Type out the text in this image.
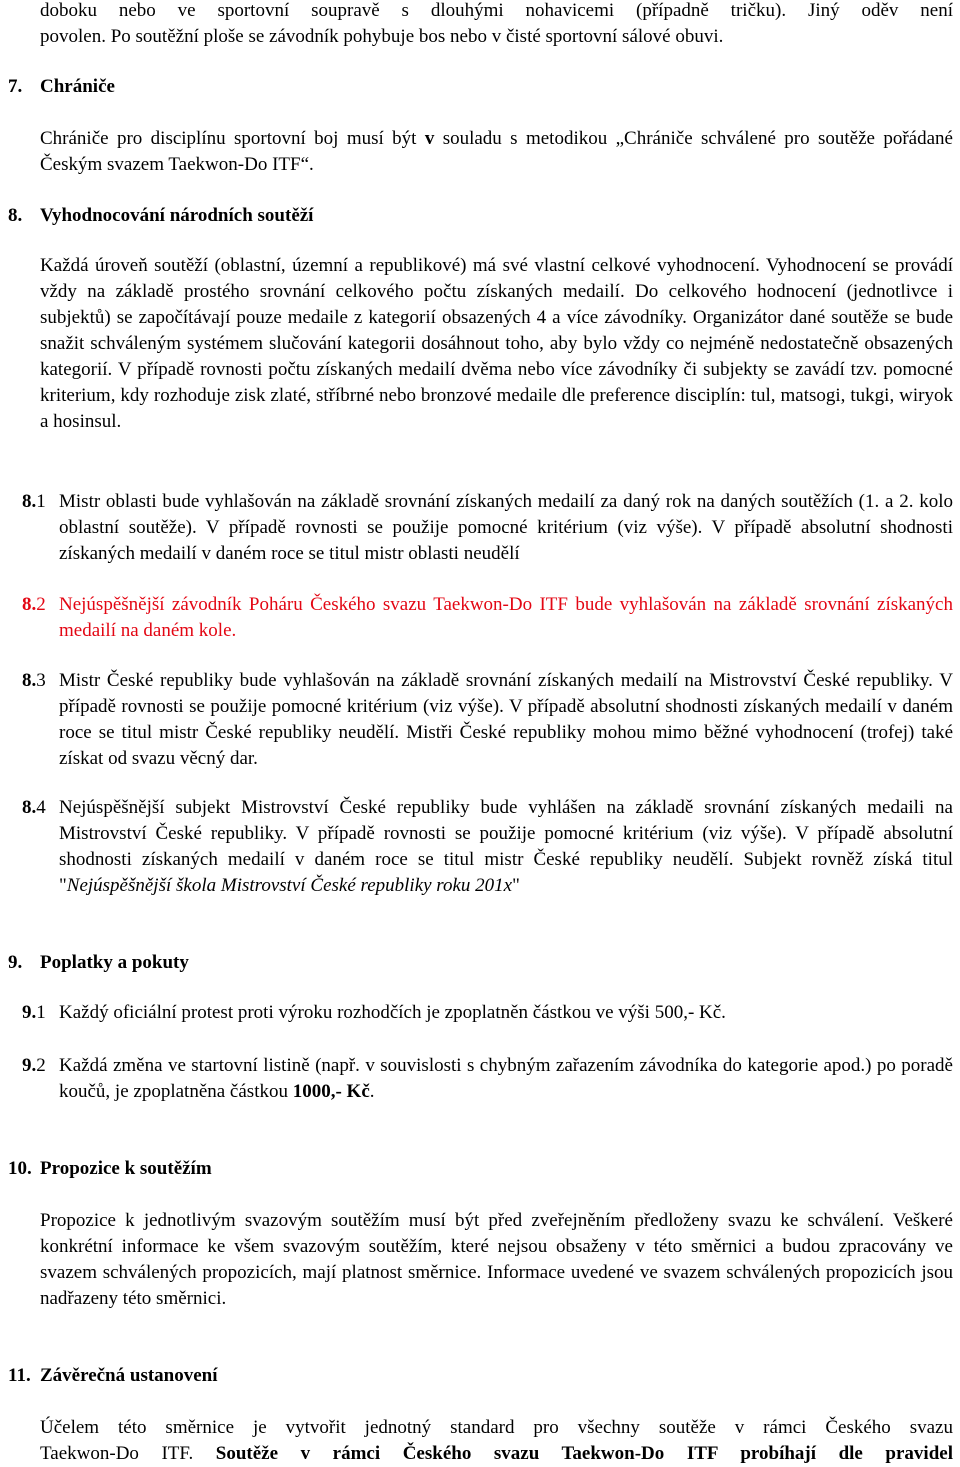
doboku nebo ve sportovní soupravě s dlouhými nohavicemi (případně tričku). Jiný oděv není

povolen. Po soutěžní ploše se závodník pohybuje bos nebo v čisté sportovní sálové obuvi.

7. Chrániče

Chrániče pro disciplínu sportovní boj musí být v souladu s metodikou „Chrániče schválené pro soutěže pořádané Českým svazem Taekwon-Do ITF“.

8. Vyhodnocování národních soutěží

Každá úroveň soutěží (oblastní, územní a republikové) má své vlastní celkové vyhodnocení. Vyhodnocení se provádí vždy na základě prostého srovnání celkového počtu získaných medailí. Do celkového hodnocení (jednotlivce i subjektů) se započítávají pouze medaile z kategorií obsazených 4 a více závodníky. Organizátor dané soutěže se bude snažit schváleným systémem slučování kategorii dosáhnout toho, aby bylo vždy co nejméně nedostatečně obsazených kategorií. V případě rovnosti počtu získaných medailí dvěma nebo více závodníky či subjekty se zavádí tzv. pomocné kriterium, kdy rozhoduje zisk zlaté, stříbrné nebo bronzové medaile dle preference disciplín: tul, matsogi, tukgi, wiryok a hosinsul.

8.1 Mistr oblasti bude vyhlašován na základě srovnání získaných medailí za daný rok na daných soutěžích (1. a 2. kolo oblastní soutěže). V případě rovnosti se použije pomocné kritérium (viz výše). V případě absolutní shodnosti získaných medailí v daném roce se titul mistr oblasti neudělí

8.2 Nejúspěšnější závodník Poháru Českého svazu Taekwon-Do ITF bude vyhlašován na základě srovnání získaných medailí na daném kole.

8.3 Mistr České republiky bude vyhlašován na základě srovnání získaných medailí na Mistrovství České republiky. V případě rovnosti se použije pomocné kritérium (viz výše). V případě absolutní shodnosti získaných medailí v daném roce se titul mistr České republiky neudělí. Mistři České republiky mohou mimo běžné vyhodnocení (trofej) také získat od svazu věcný dar.

8.4 Nejúspěšnější subjekt Mistrovství České republiky bude vyhlášen na základě srovnání získaných medaili na Mistrovství České republiky. V případě rovnosti se použije pomocné kritérium (viz výše). V případě absolutní shodnosti získaných medailí v daném roce se titul mistr České republiky neudělí. Subjekt rovněž získá titul "Nejúspěšnější škola Mistrovství České republiky roku 201x"

9. Poplatky a pokuty
9.1 Každý oficiální protest proti výroku rozhodčích je zpoplatněn částkou ve výši 500,- Kč.

9.2 Každá změna ve startovní listině (např. v souvislosti s chybným zařazením závodníka do kategorie apod.) po poradě koučů, je zpoplatněna částkou 1000,- Kč.

10. Propozice k soutěžím

Propozice k jednotlivým svazovým soutěžím musí být před zveřejněním předloženy svazu ke schválení. Veškeré konkrétní informace ke všem svazovým soutěžím, které nejsou obsaženy v této směrnici a budou zpracovány ve svazem schválených propozicích, mají platnost směrnice. Informace uvedené ve svazem schválených propozicích jsou nadřazeny této směrnici.

11. Závěrečná ustanovení

Účelem této směrnice je vytvořit jednotný standard pro všechny soutěže v rámci Českého svazu

Taekwon-Do ITF. Soutěže v rámci Českého svazu Taekwon-Do ITF probíhají dle pravidel
